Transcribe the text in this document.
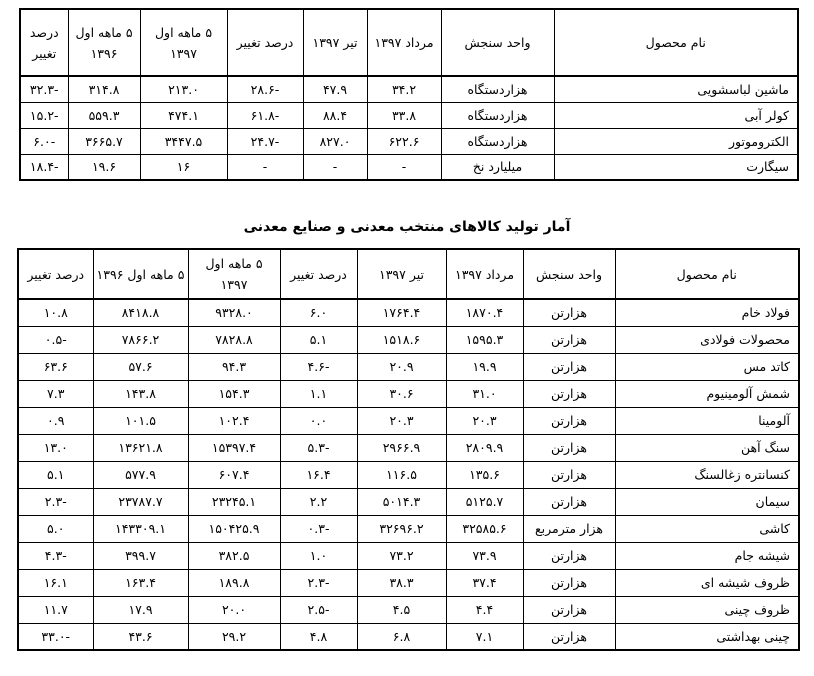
نام محصول	واحد سنجش	مرداد ۱۳۹۷	تیر ۱۳۹۷	درصد تغییر	۵ ماهه اول ۱۳۹۷	۵ ماهه اول ۱۳۹۶	درصد تغییر
ماشین لباسشویی	هزاردستگاه	۳۴.۲	۴۷.۹	-۲۸.۶	۲۱۳.۰	۳۱۴.۸	-۳۲.۳
کولر آبی	هزاردستگاه	۳۳.۸	۸۸.۴	-۶۱.۸	۴۷۴.۱	۵۵۹.۳	-۱۵.۲
الکتروموتور	هزاردستگاه	۶۲۲.۶	۸۲۷.۰	-۲۴.۷	۳۴۴۷.۵	۳۶۶۵.۷	-۶.۰
سیگارت	میلیارد نخ	-	-	-	۱۶	۱۹.۶	-۱۸.۴
آمار تولید کالاهای منتخب معدنی و صنایع معدنی
نام محصول	واحد سنجش	مرداد ۱۳۹۷	تیر ۱۳۹۷	درصد تغییر	۵ ماهه اول ۱۳۹۷	۵ ماهه اول ۱۳۹۶	درصد تغییر
فولاد خام	هزارتن	۱۸۷۰.۴	۱۷۶۴.۴	۶.۰	۹۳۲۸.۰	۸۴۱۸.۸	۱۰.۸
محصولات فولادی	هزارتن	۱۵۹۵.۳	۱۵۱۸.۶	۵.۱	۷۸۲۸.۸	۷۸۶۶.۲	-۰.۵
کاتد مس	هزارتن	۱۹.۹	۲۰.۹	-۴.۶	۹۴.۳	۵۷.۶	۶۳.۶
شمش آلومینیوم	هزارتن	۳۱.۰	۳۰.۶	۱.۱	۱۵۴.۳	۱۴۳.۸	۷.۳
آلومینا	هزارتن	۲۰.۳	۲۰.۳	۰.۰	۱۰۲.۴	۱۰۱.۵	۰.۹
سنگ آهن	هزارتن	۲۸۰۹.۹	۲۹۶۶.۹	-۵.۳	۱۵۳۹۷.۴	۱۳۶۲۱.۸	۱۳.۰
کنسانتره زغالسنگ	هزارتن	۱۳۵.۶	۱۱۶.۵	۱۶.۴	۶۰۷.۴	۵۷۷.۹	۵.۱
سیمان	هزارتن	۵۱۲۵.۷	۵۰۱۴.۳	۲.۲	۲۳۲۴۵.۱	۲۳۷۸۷.۷	-۲.۳
کاشی	هزار مترمربع	۳۲۵۸۵.۶	۳۲۶۹۶.۲	-۰.۳	۱۵۰۴۲۵.۹	۱۴۳۳۰۹.۱	۵.۰
شیشه جام	هزارتن	۷۳.۹	۷۳.۲	۱.۰	۳۸۲.۵	۳۹۹.۷	-۴.۳
ظروف شیشه ای	هزارتن	۳۷.۴	۳۸.۳	-۲.۳	۱۸۹.۸	۱۶۳.۴	۱۶.۱
ظروف چینی	هزارتن	۴.۴	۴.۵	-۲.۵	۲۰.۰	۱۷.۹	۱۱.۷
چینی بهداشتی	هزارتن	۷.۱	۶.۸	۴.۸	۲۹.۲	۴۳.۶	-۳۳.۰
